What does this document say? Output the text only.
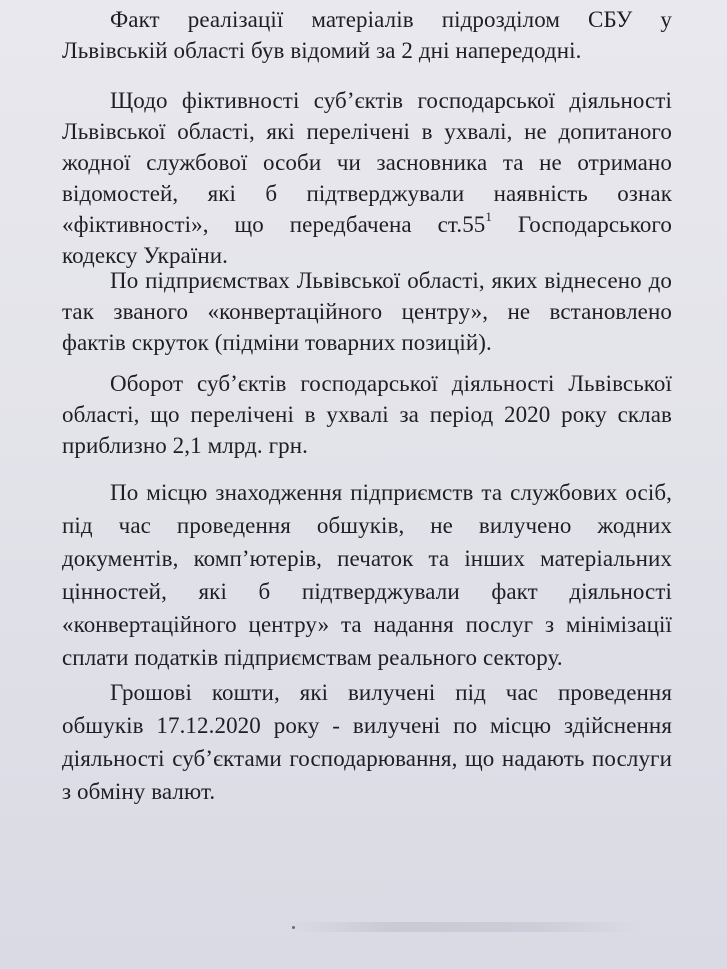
Факт реалізації матеріалів підрозділом СБУ у Львівській області був відомий за 2 дні напередодні.

Щодо фіктивності суб’єктів господарської діяльності Львівської області, які перелічені в ухвалі, не допитаного жодної службової особи чи засновника та не отримано відомостей, які б підтверджували наявність ознак «фіктивності», що передбачена $ст.55^1$ Господарського кодексу України.

По підприємствах Львівської області, яких віднесено до так званого «конвертаційного центру», не встановлено фактів скруток (підміни товарних позицій).

Оборот суб’єктів господарської діяльності Львівської області, що перелічені в ухвалі за період 2020 року склав приблизно 2,1 млрд. грн.

По місцю знаходження підприємств та службових осіб, під час проведення обшуків, не вилучено жодних документів, комп’ютерів, печаток та інших матеріальних цінностей, які б підтверджували факт діяльності «конвертаційного центру» та надання послуг з мінімізації сплати податків підприємствам реального сектору.

Грошові кошти, які вилучені під час проведення обшуків 17.12.2020 року - вилучені по місцю здійснення діяльності суб’єктами господарювання, що надають послуги з обміну валют.
